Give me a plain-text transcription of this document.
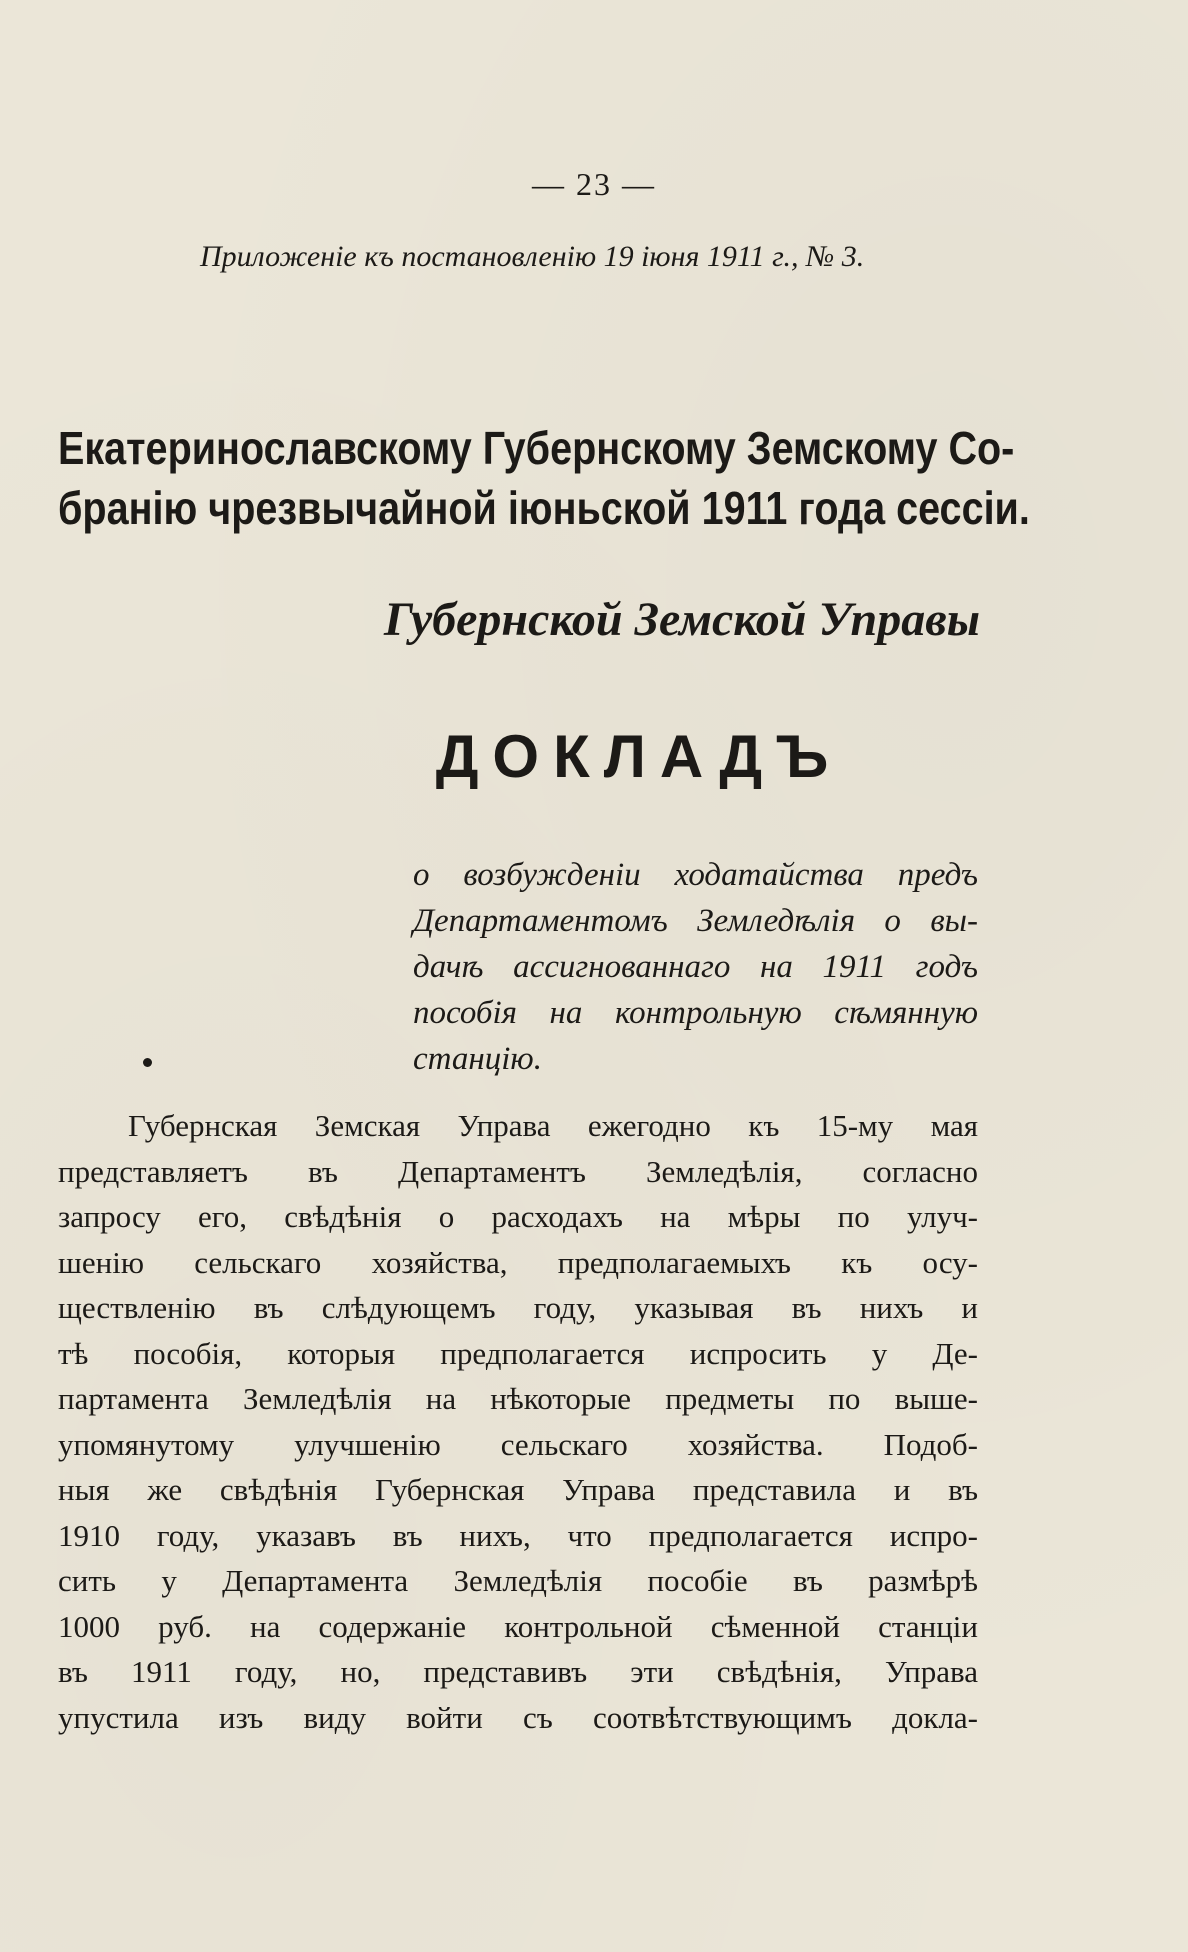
— 23 —
Приложеніе къ постановленію 19 іюня 1911 г., № 3.
Екатеринославскому Губернскому Земскому Со-
бранію чрезвычайной іюньской 1911 года сессіи.
Губернской Земской Управы
ДОКЛАДЪ
о возбужденіи ходатайства предъ
Департаментомъ Земледѣлія о вы-
дачѣ ассигнованнаго на 1911 годъ
пособія на контрольную сѣмянную
станцію.
Губернская Земская Управа ежегодно къ 15-му мая
представляетъ въ Департаментъ Земледѣлія, согласно
запросу его, свѣдѣнія о расходахъ на мѣры по улуч-
шенію сельскаго хозяйства, предполагаемыхъ къ осу-
ществленію въ слѣдующемъ году, указывая въ нихъ и
тѣ пособія, которыя предполагается испросить у Де-
партамента Земледѣлія на нѣкоторые предметы по выше-
упомянутому улучшенію сельскаго хозяйства. Подоб-
ныя же свѣдѣнія Губернская Управа представила и въ
1910 году, указавъ въ нихъ, что предполагается испро-
сить у Департамента Земледѣлія пособіе въ размѣрѣ
1000 руб. на содержаніе контрольной сѣменной станціи
въ 1911 году, но, представивъ эти свѣдѣнія, Управа
упустила изъ виду войти съ соотвѣтствующимъ докла-
